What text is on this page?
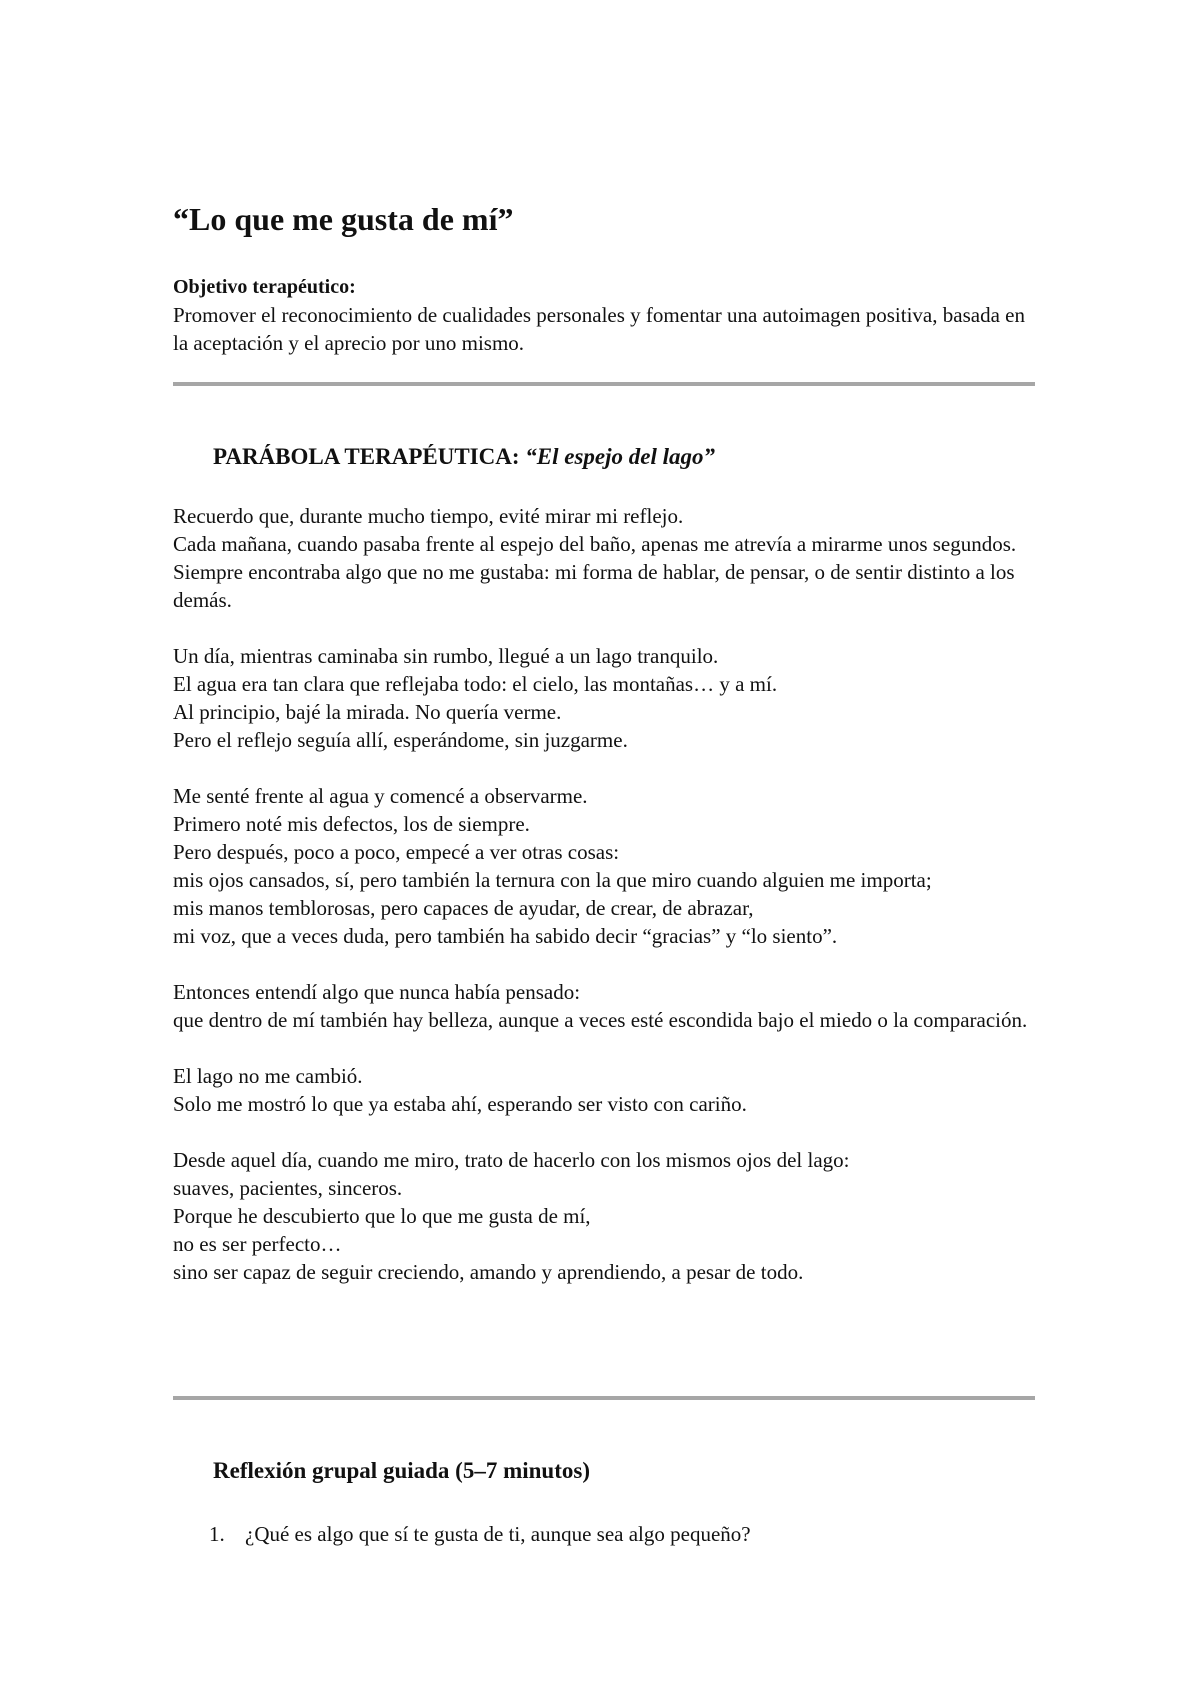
“Lo que me gusta de mí”

Objetivo terapéutico:

Promover el reconocimiento de cualidades personales y fomentar una autoimagen positiva, basada en la aceptación y el aprecio por uno mismo.

PARÁBOLA TERAPÉUTICA: “El espejo del lago”

Recuerdo que, durante mucho tiempo, evité mirar mi reflejo.
Cada mañana, cuando pasaba frente al espejo del baño, apenas me atrevía a mirarme unos segundos.
Siempre encontraba algo que no me gustaba: mi forma de hablar, de pensar, o de sentir distinto a los demás.

Un día, mientras caminaba sin rumbo, llegué a un lago tranquilo.
El agua era tan clara que reflejaba todo: el cielo, las montañas… y a mí.
Al principio, bajé la mirada. No quería verme.
Pero el reflejo seguía allí, esperándome, sin juzgarme.

Me senté frente al agua y comencé a observarme.
Primero noté mis defectos, los de siempre.
Pero después, poco a poco, empecé a ver otras cosas:
mis ojos cansados, sí, pero también la ternura con la que miro cuando alguien me importa;
mis manos temblorosas, pero capaces de ayudar, de crear, de abrazar,
mi voz, que a veces duda, pero también ha sabido decir “gracias” y “lo siento”.

Entonces entendí algo que nunca había pensado:
que dentro de mí también hay belleza, aunque a veces esté escondida bajo el miedo o la comparación.

El lago no me cambió.
Solo me mostró lo que ya estaba ahí, esperando ser visto con cariño.

Desde aquel día, cuando me miro, trato de hacerlo con los mismos ojos del lago:
suaves, pacientes, sinceros.
Porque he descubierto que lo que me gusta de mí,
no es ser perfecto…
sino ser capaz de seguir creciendo, amando y aprendiendo, a pesar de todo.

Reflexión grupal guiada (5–7 minutos)
1. ¿Qué es algo que sí te gusta de ti, aunque sea algo pequeño?
